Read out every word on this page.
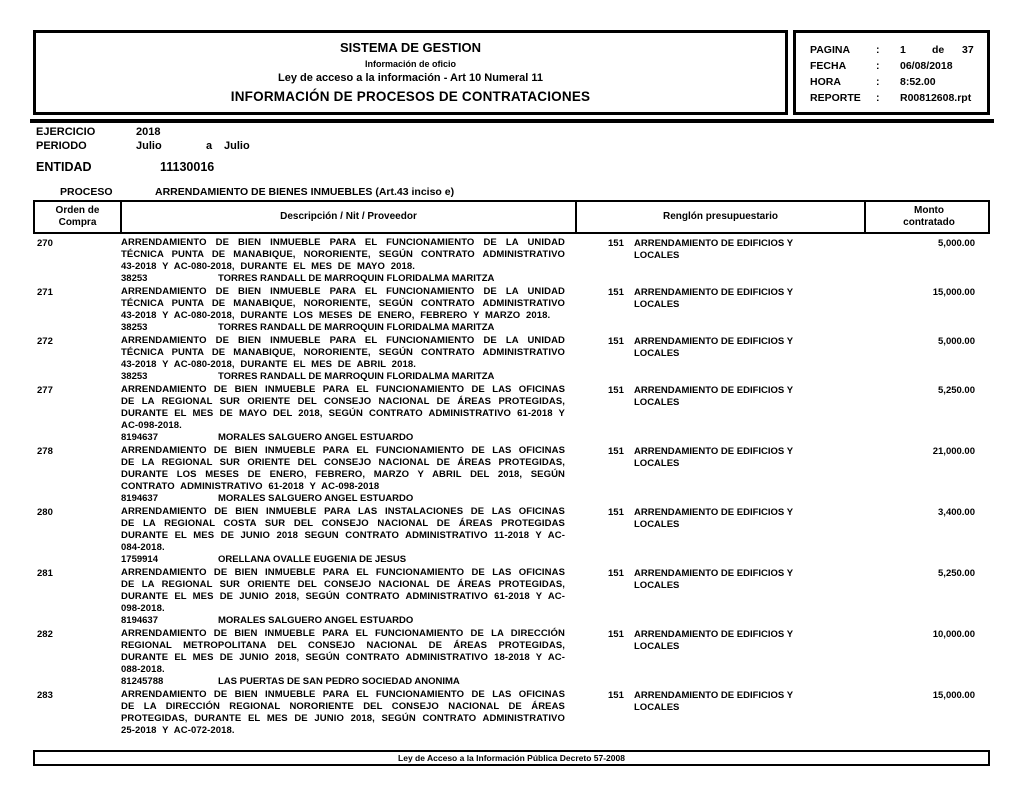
SISTEMA DE GESTION
Información de oficio
Ley de acceso a la información - Art 10 Numeral 11
INFORMACIÓN DE PROCESOS DE CONTRATACIONES
PAGINA	:	1 de 37
FECHA	:	06/08/2018
HORA	:	8:52.00
REPORTE	:	R00812608.rpt
EJERCICIO	2018
PERIODO	Julio	a	Julio
ENTIDAD	11130016
PROCESO	ARRENDAMIENTO DE BIENES INMUEBLES (Art.43 inciso e)
Orden de
Compra
Descripción / Nit / Proveedor	Renglón presupuestario
Monto
contratado
270	ARRENDAMIENTO DE BIEN INMUEBLE PARA EL FUNCIONAMIENTO DE LA UNIDAD TÉCNICA PUNTA DE MANABIQUE, NORORIENTE, SEGÚN CONTRATO ADMINISTRATIVO 43-2018 Y AC-080-2018, DURANTE EL MES DE MAYO 2018.
38253	TORRES RANDALL DE MARROQUIN FLORIDALMA MARITZA
151	ARRENDAMIENTO DE EDIFICIOS Y LOCALES
5,000.00
271	ARRENDAMIENTO DE BIEN INMUEBLE PARA EL FUNCIONAMIENTO DE LA UNIDAD TÉCNICA PUNTA DE MANABIQUE, NORORIENTE, SEGÚN CONTRATO ADMINISTRATIVO 43-2018 Y AC-080-2018, DURANTE LOS MESES DE ENERO, FEBRERO Y MARZO 2018.
38253	TORRES RANDALL DE MARROQUIN FLORIDALMA MARITZA
151	ARRENDAMIENTO DE EDIFICIOS Y LOCALES
15,000.00
272	ARRENDAMIENTO DE BIEN INMUEBLE PARA EL FUNCIONAMIENTO DE LA UNIDAD TÉCNICA PUNTA DE MANABIQUE, NORORIENTE, SEGÚN CONTRATO ADMINISTRATIVO 43-2018 Y AC-080-2018, DURANTE EL MES DE ABRIL 2018.
38253	TORRES RANDALL DE MARROQUIN FLORIDALMA MARITZA
151	ARRENDAMIENTO DE EDIFICIOS Y LOCALES
5,000.00
277	ARRENDAMIENTO DE BIEN INMUEBLE PARA EL FUNCIONAMIENTO DE LAS OFICINAS DE LA REGIONAL SUR ORIENTE DEL CONSEJO NACIONAL DE ÁREAS PROTEGIDAS, DURANTE EL MES DE MAYO DEL 2018, SEGÚN CONTRATO ADMINISTRATIVO 61-2018 Y AC-098-2018.
8194637	MORALES SALGUERO ANGEL ESTUARDO
151	ARRENDAMIENTO DE EDIFICIOS Y LOCALES
5,250.00
278	ARRENDAMIENTO DE BIEN INMUEBLE PARA EL FUNCIONAMIENTO DE LAS OFICINAS DE LA REGIONAL SUR ORIENTE DEL CONSEJO NACIONAL DE ÁREAS PROTEGIDAS, DURANTE LOS MESES DE ENERO, FEBRERO, MARZO Y ABRIL DEL 2018, SEGÚN CONTRATO ADMINISTRATIVO 61-2018 Y AC-098-2018
8194637	MORALES SALGUERO ANGEL ESTUARDO
151	ARRENDAMIENTO DE EDIFICIOS Y LOCALES
21,000.00
280	ARRENDAMIENTO DE BIEN INMUEBLE PARA LAS INSTALACIONES DE LAS OFICINAS DE LA REGIONAL COSTA SUR DEL CONSEJO NACIONAL DE ÁREAS PROTEGIDAS DURANTE EL MES DE JUNIO 2018 SEGUN CONTRATO ADMINISTRATIVO 11-2018 Y AC-084-2018.
1759914	ORELLANA OVALLE EUGENIA DE JESUS
151	ARRENDAMIENTO DE EDIFICIOS Y LOCALES
3,400.00
281	ARRENDAMIENTO DE BIEN INMUEBLE PARA EL FUNCIONAMIENTO DE LAS OFICINAS DE LA REGIONAL SUR ORIENTE DEL CONSEJO NACIONAL DE ÁREAS PROTEGIDAS, DURANTE EL MES DE JUNIO 2018, SEGÚN CONTRATO ADMINISTRATIVO 61-2018 Y AC-098-2018.
8194637	MORALES SALGUERO ANGEL ESTUARDO
151	ARRENDAMIENTO DE EDIFICIOS Y LOCALES
5,250.00
282	ARRENDAMIENTO DE BIEN INMUEBLE PARA EL FUNCIONAMIENTO DE LA DIRECCIÓN REGIONAL METROPOLITANA DEL CONSEJO NACIONAL DE ÁREAS PROTEGIDAS, DURANTE EL MES DE JUNIO 2018, SEGÚN CONTRATO ADMINISTRATIVO 18-2018 Y AC-088-2018.
81245788	LAS PUERTAS DE SAN PEDRO SOCIEDAD ANONIMA
151	ARRENDAMIENTO DE EDIFICIOS Y LOCALES
10,000.00
283	ARRENDAMIENTO DE BIEN INMUEBLE PARA EL FUNCIONAMIENTO DE LAS OFICINAS DE LA DIRECCIÓN REGIONAL NORORIENTE DEL CONSEJO NACIONAL DE ÁREAS PROTEGIDAS, DURANTE EL MES DE JUNIO 2018, SEGÚN CONTRATO ADMINISTRATIVO 25-2018 Y AC-072-2018.
151	ARRENDAMIENTO DE EDIFICIOS Y LOCALES
15,000.00
Ley de Acceso a la Información Pública Decreto 57-2008
